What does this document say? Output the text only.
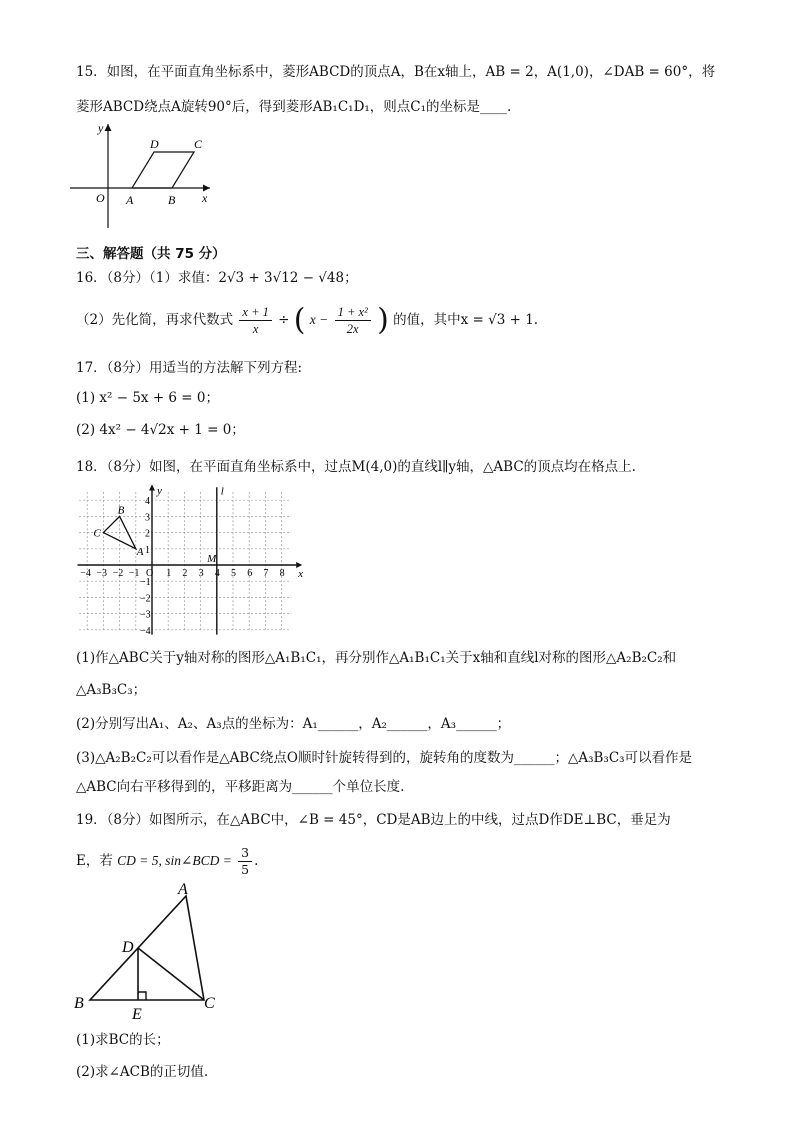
15．如图，在平面直角坐标系中，菱形ABCD的顶点A，B在x轴上，AB = 2，A(1,0)，∠DAB = 60°，将
菱形ABCD绕点A旋转90°后，得到菱形AB₁C₁D₁，则点C₁的坐标是____.
y
x
O A	B
C
D
三、解答题（共 75 分）
16．（8分）（1）求值：2√3 + 3√12 − √48；
（2）先化简，再求代数式 $\frac{x + 1}{x}$ ÷ ( $x - \frac{\text{1 + x²}}{2x}$ ) 的值，其中x = √3 + 1.
17．（8分）用适当的方法解下列方程:
(1) x² − 5x + 6 = 0；
(2) 4x² − 4√2x + 1 = 0；
18．（8分）如图，在平面直角坐标系中，过点M(4,0)的直线l∥y轴，△ABC的顶点均在格点上.
−4 −3 −2 −1 O 1 2 3 4 5 6 7 8
4
3
2
1
−1
−2
−3
−4
y
x
l
M
A
B
C
(1)作△ABC关于y轴对称的图形△A₁B₁C₁，再分别作△A₁B₁C₁关于x轴和直线l对称的图形△A₂B₂C₂和
△A₃B₃C₃；
(2)分别写出A₁、A₂、A₃点的坐标为：A₁______，A₂______，A₃______；
(3)△A₂B₂C₂可以看作是△ABC绕点O顺时针旋转得到的，旋转角的度数为______；△A₃B₃C₃可以看作是
△ABC向右平移得到的，平移距离为______个单位长度.
19．（8分）如图所示，在△ABC中，∠B = 45°，CD是AB边上的中线，过点D作DE⊥BC，垂足为
E，若 CD = 5, sin∠BCD = $\frac{3}{5}$ .
A
B	C
D
E
(1)求BC的长；
(2)求∠ACB的正切值.
